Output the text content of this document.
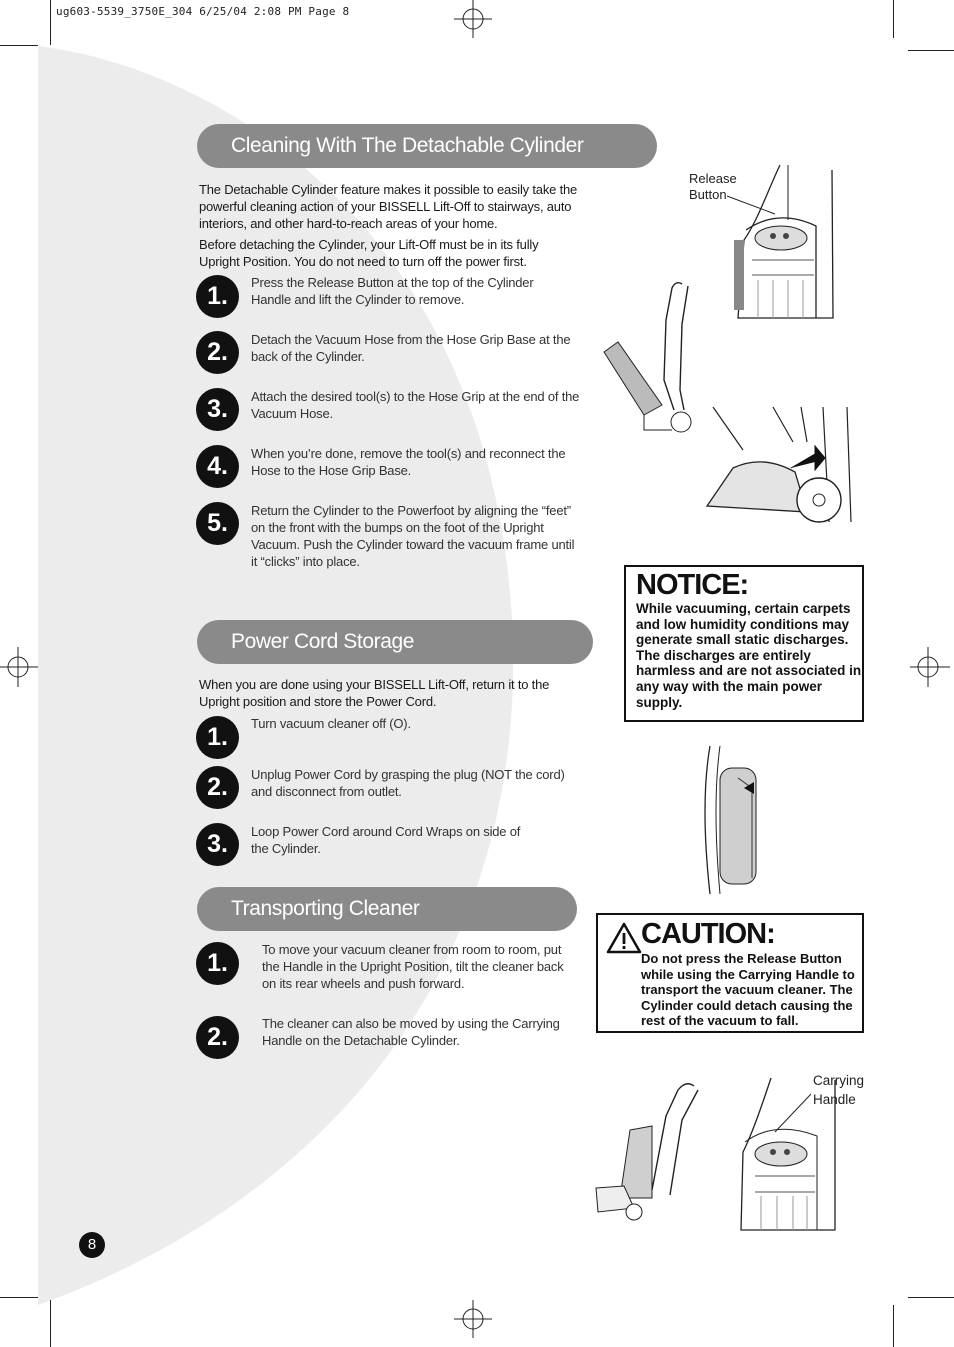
ug603-5539_3750E_304 6/25/04 2:08 PM Page 8
Cleaning With The Detachable Cylinder

The Detachable Cylinder feature makes it possible to easily take the powerful cleaning action of your BISSELL Lift-Off to stairways, auto interiors, and other hard-to-reach areas of your home.

Before detaching the Cylinder, your Lift-Off must be in its fully Upright Position. You do not need to turn off the power first.

1.	Press the Release Button at the top of the Cylinder Handle and lift the Cylinder to remove.
2.	Detach the Vacuum Hose from the Hose Grip Base at the back of the Cylinder.
3.	Attach the desired tool(s) to the Hose Grip at the end of the Vacuum Hose.
4.	When you’re done, remove the tool(s) and reconnect the Hose to the Hose Grip Base.
5.	Return the Cylinder to the Powerfoot by aligning the “feet” on the front with the bumps on the foot of the Upright Vacuum. Push the Cylinder toward the vacuum frame until it “clicks” into place.
Power Cord Storage

When you are done using your BISSELL Lift-Off, return it to the Upright position and store the Power Cord.

1.	Turn vacuum cleaner off (O).
2.	Unplug Power Cord by grasping the plug (NOT the cord) and disconnect from outlet.
3.	Loop Power Cord around Cord Wraps on side of the Cylinder.
Transporting Cleaner
1.	To move your vacuum cleaner from room to room, put the Handle in the Upright Position, tilt the cleaner back on its rear wheels and push forward.
2.	The cleaner can also be moved by using the Carrying Handle on the Detachable Cylinder.
Release
Button
NOTICE:
While vacuuming, certain carpets and low humidity conditions may generate small static discharges. The discharges are entirely harmless and are not associated in any way with the main power supply.
CAUTION:
Do not press the Release Button while using the Carrying Handle to transport the vacuum cleaner. The Cylinder could detach causing the rest of the vacuum to fall.
Carrying
Handle
8
